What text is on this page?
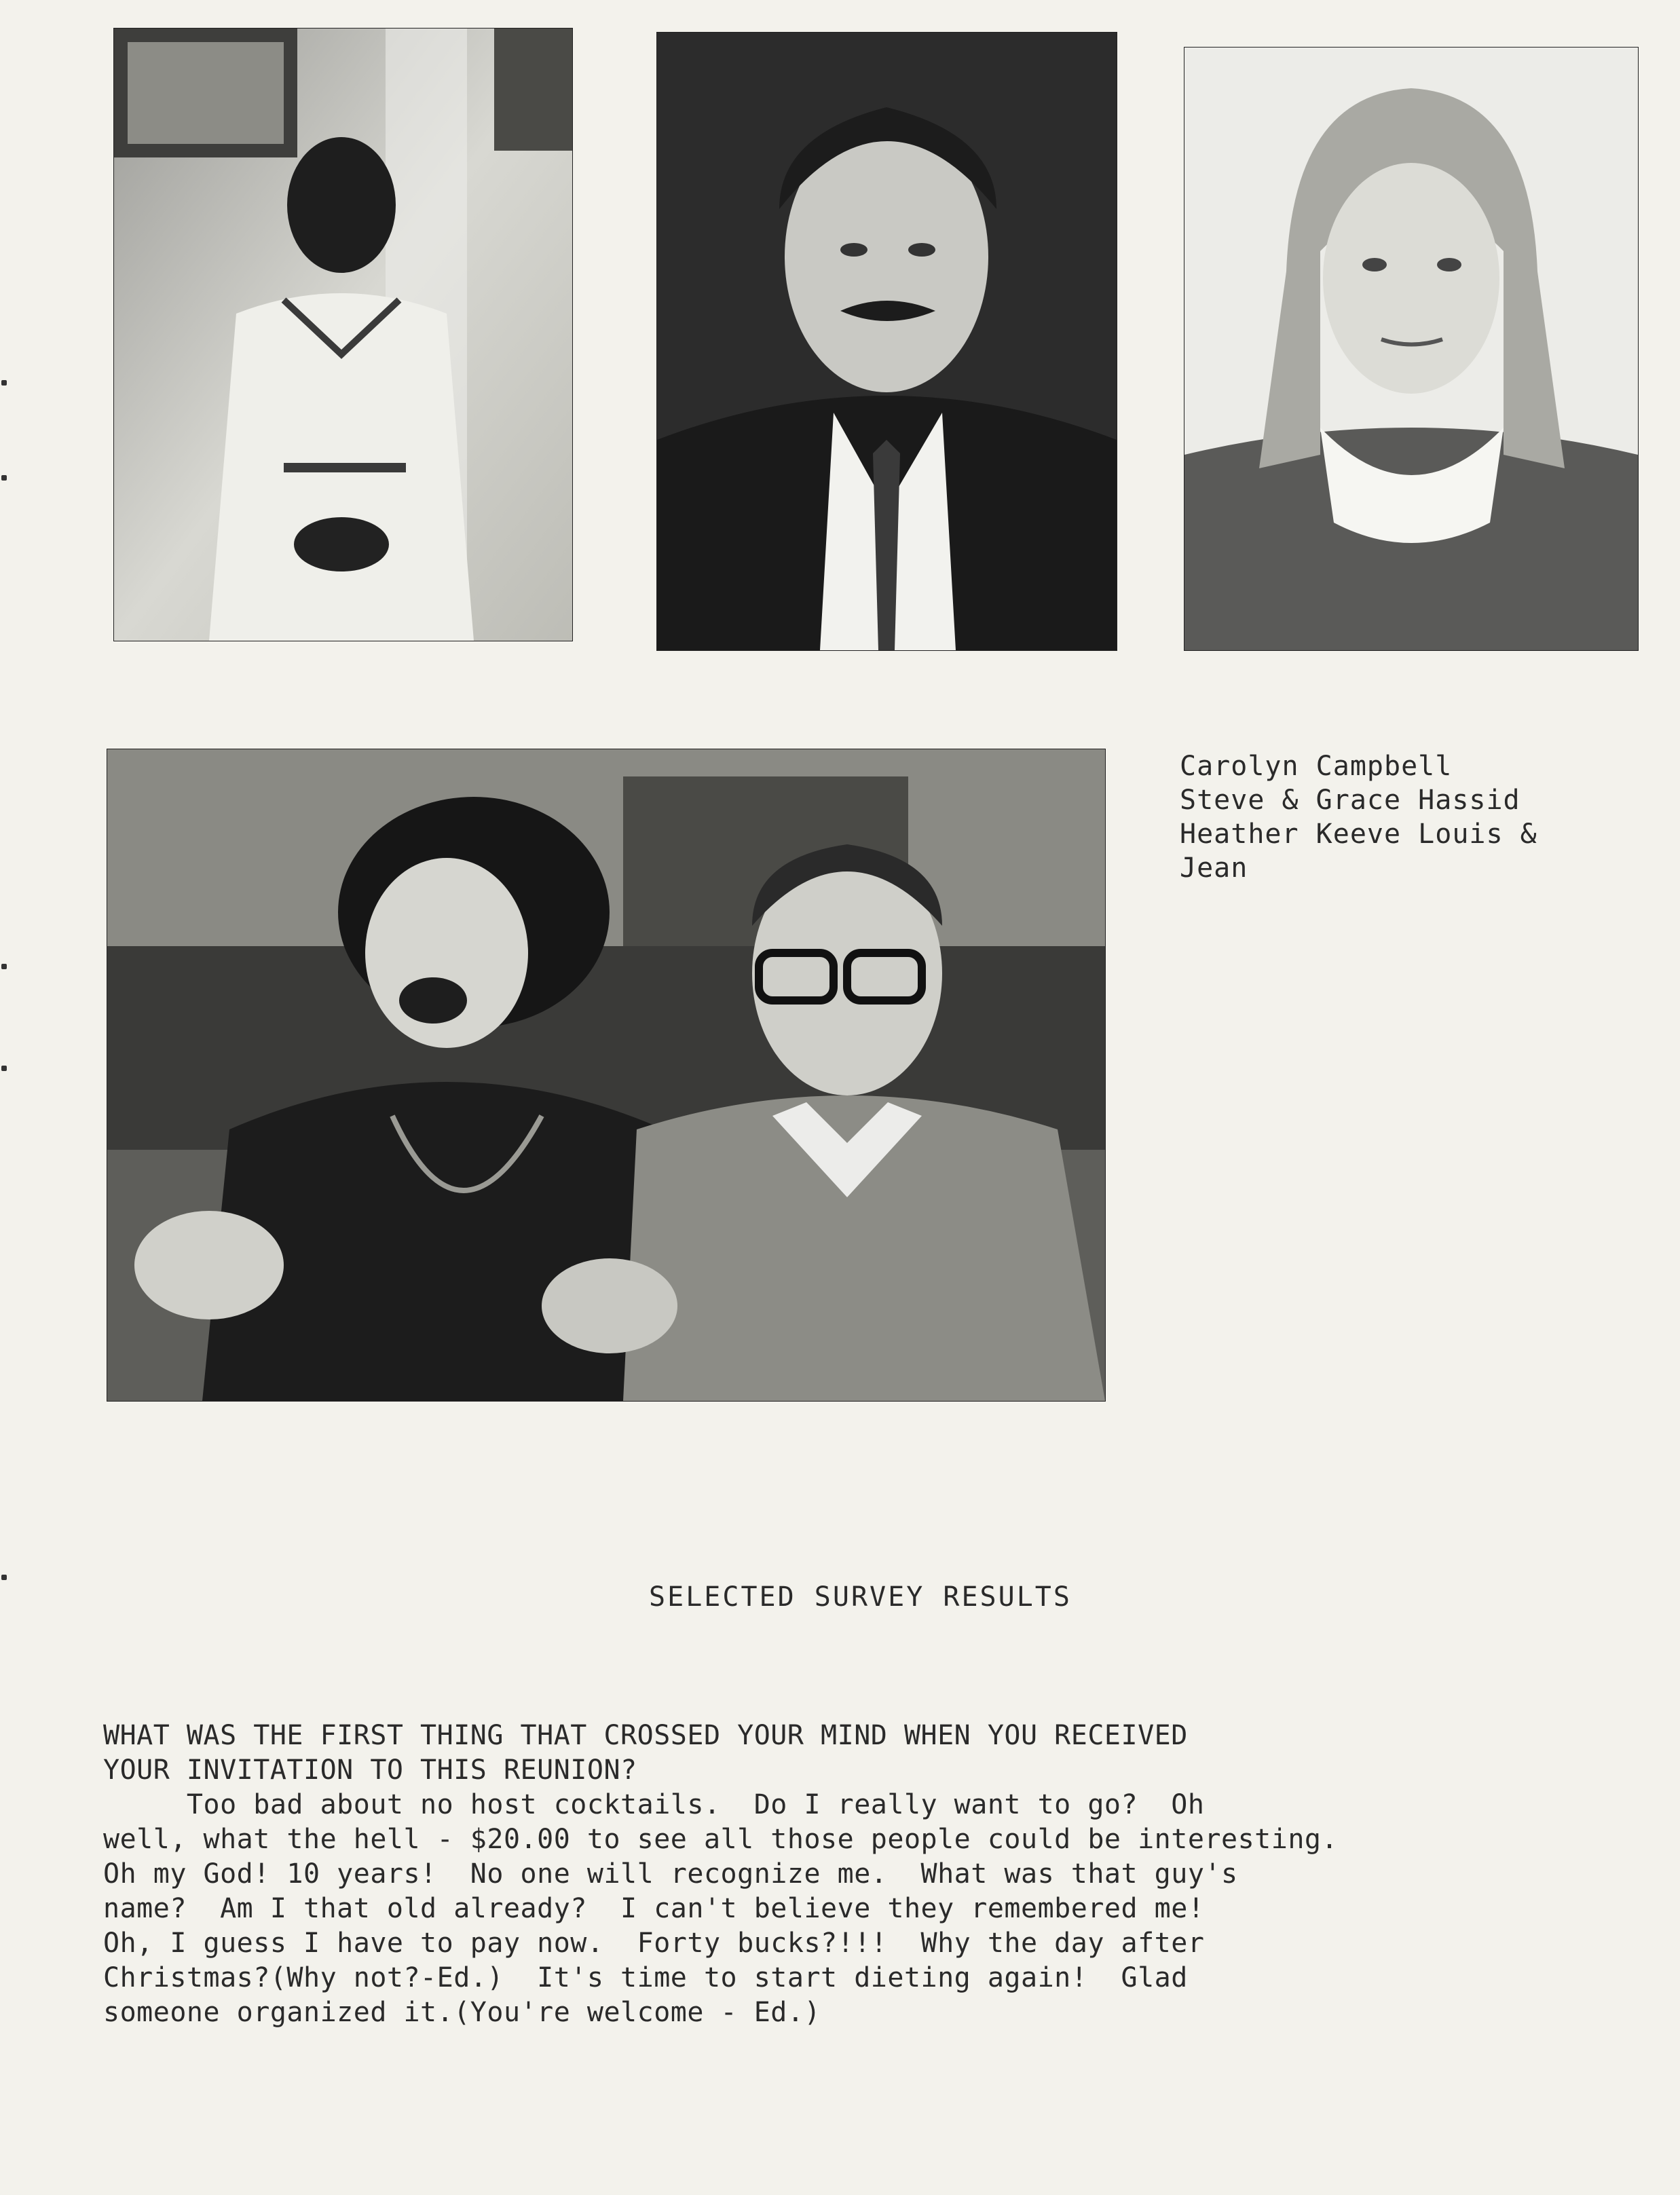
Carolyn Campbell
Steve & Grace Hassid
Heather Keeve Louis &
Jean
SELECTED SURVEY RESULTS
WHAT WAS THE FIRST THING THAT CROSSED YOUR MIND WHEN YOU RECEIVED
YOUR INVITATION TO THIS REUNION?
Too bad about no host cocktails.  Do I really want to go?  Oh
well, what the hell - $20.00 to see all those people could be interesting.
Oh my God! 10 years!  No one will recognize me.  What was that guy's
name?  Am I that old already?  I can't believe they remembered me!
Oh, I guess I have to pay now.  Forty bucks?!!!  Why the day after
Christmas?(Why not?-Ed.)  It's time to start dieting again!  Glad
someone organized it.(You're welcome - Ed.)
